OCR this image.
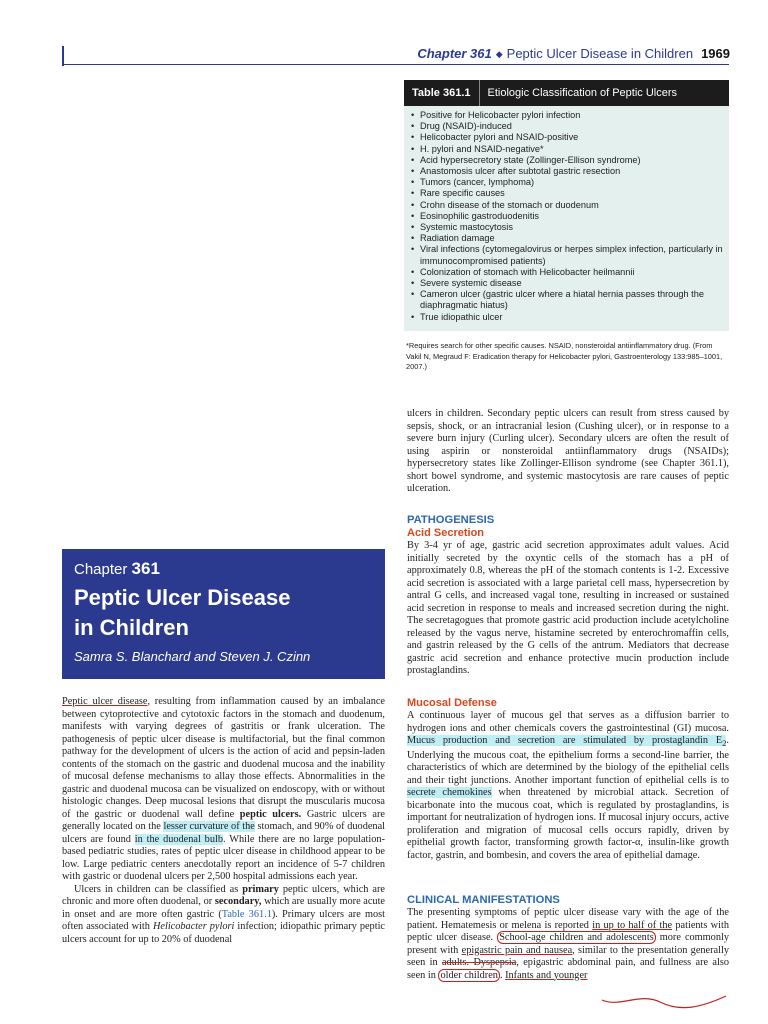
Chapter 361 ◆ Peptic Ulcer Disease in Children 1969
Table 361.1	Etiologic Classification of Peptic Ulcers
• Positive for Helicobacter pylori infection
• Drug (NSAID)-induced
• Helicobacter pylori and NSAID-positive
• H. pylori and NSAID-negative*
• Acid hypersecretory state (Zollinger-Ellison syndrome)
• Anastomosis ulcer after subtotal gastric resection
• Tumors (cancer, lymphoma)
• Rare specific causes
• Crohn disease of the stomach or duodenum
• Eosinophilic gastroduodenitis
• Systemic mastocytosis
• Radiation damage
• Viral infections (cytomegalovirus or herpes simplex infection, particularly in immunocompromised patients)
• Colonization of stomach with Helicobacter heilmannii
• Severe systemic disease
• Cameron ulcer (gastric ulcer where a hiatal hernia passes through the diaphragmatic hiatus)
• True idiopathic ulcer
*Requires search for other specific causes. NSAID, nonsteroidal antiinflammatory drug. (From Vakil N, Megraud F: Eradication therapy for Helicobacter pylori, Gastroenterology 133:985–1001, 2007.)
Chapter 361
Peptic Ulcer Disease
in Children
Samra S. Blanchard and Steven J. Czinn

Peptic ulcer disease, resulting from inflammation caused by an imbalance between cytoprotective and cytotoxic factors in the stomach and duodenum, manifests with varying degrees of gastritis or frank ulceration. The pathogenesis of peptic ulcer disease is multifactorial, but the final common pathway for the development of ulcers is the action of acid and pepsin-laden contents of the stomach on the gastric and duodenal mucosa and the inability of mucosal defense mechanisms to allay those effects. Abnormalities in the gastric and duodenal mucosa can be visualized on endoscopy, with or without histologic changes. Deep mucosal lesions that disrupt the muscularis mucosa of the gastric or duodenal wall define peptic ulcers. Gastric ulcers are generally located on the lesser curvature of the stomach, and 90% of duodenal ulcers are found in the duodenal bulb. While there are no large population-based pediatric studies, rates of peptic ulcer disease in childhood appear to be low. Large pediatric centers anecdotally report an incidence of 5-7 children with gastric or duodenal ulcers per 2,500 hospital admissions each year.

Ulcers in children can be classified as primary peptic ulcers, which are chronic and more often duodenal, or secondary, which are usually more acute in onset and are more often gastric (Table 361.1). Primary ulcers are most often associated with Helicobacter pylori infection; idiopathic primary peptic ulcers account for up to 20% of duodenal

ulcers in children. Secondary peptic ulcers can result from stress caused by sepsis, shock, or an intracranial lesion (Cushing ulcer), or in response to a severe burn injury (Curling ulcer). Secondary ulcers are often the result of using aspirin or nonsteroidal antiinflammatory drugs (NSAIDs); hypersecretory states like Zollinger-Ellison syndrome (see Chapter 361.1), short bowel syndrome, and systemic mastocytosis are rare causes of peptic ulceration.

PATHOGENESIS
Acid Secretion

By 3-4 yr of age, gastric acid secretion approximates adult values. Acid initially secreted by the oxyntic cells of the stomach has a pH of approximately 0.8, whereas the pH of the stomach contents is 1-2. Excessive acid secretion is associated with a large parietal cell mass, hypersecretion by antral G cells, and increased vagal tone, resulting in increased or sustained acid secretion in response to meals and increased secretion during the night. The secretagogues that promote gastric acid production include acetylcholine released by the vagus nerve, histamine secreted by enterochromaffin cells, and gastrin released by the G cells of the antrum. Mediators that decrease gastric acid secretion and enhance protective mucin production include prostaglandins.

Mucosal Defense

A continuous layer of mucous gel that serves as a diffusion barrier to hydrogen ions and other chemicals covers the gastrointestinal (GI) mucosa. Mucus production and secretion are stimulated by prostaglandin $E_2$. Underlying the mucous coat, the epithelium forms a second-line barrier, the characteristics of which are determined by the biology of the epithelial cells and their tight junctions. Another important function of epithelial cells is to secrete chemokines when threatened by microbial attack. Secretion of bicarbonate into the mucous coat, which is regulated by prostaglandins, is important for neutralization of hydrogen ions. If mucosal injury occurs, active proliferation and migration of mucosal cells occurs rapidly, driven by epithelial growth factor, transforming growth factor-α, insulin-like growth factor, gastrin, and bombesin, and covers the area of epithelial damage.

CLINICAL MANIFESTATIONS

The presenting symptoms of peptic ulcer disease vary with the age of the patient. Hematemesis or melena is reported in up to half of the patients with peptic ulcer disease. School-age children and adolescents more commonly present with epigastric pain and nausea, similar to the presentation generally seen in adults. Dyspepsia, epigastric abdominal pain, and fullness are also seen in older children . Infants and younger
